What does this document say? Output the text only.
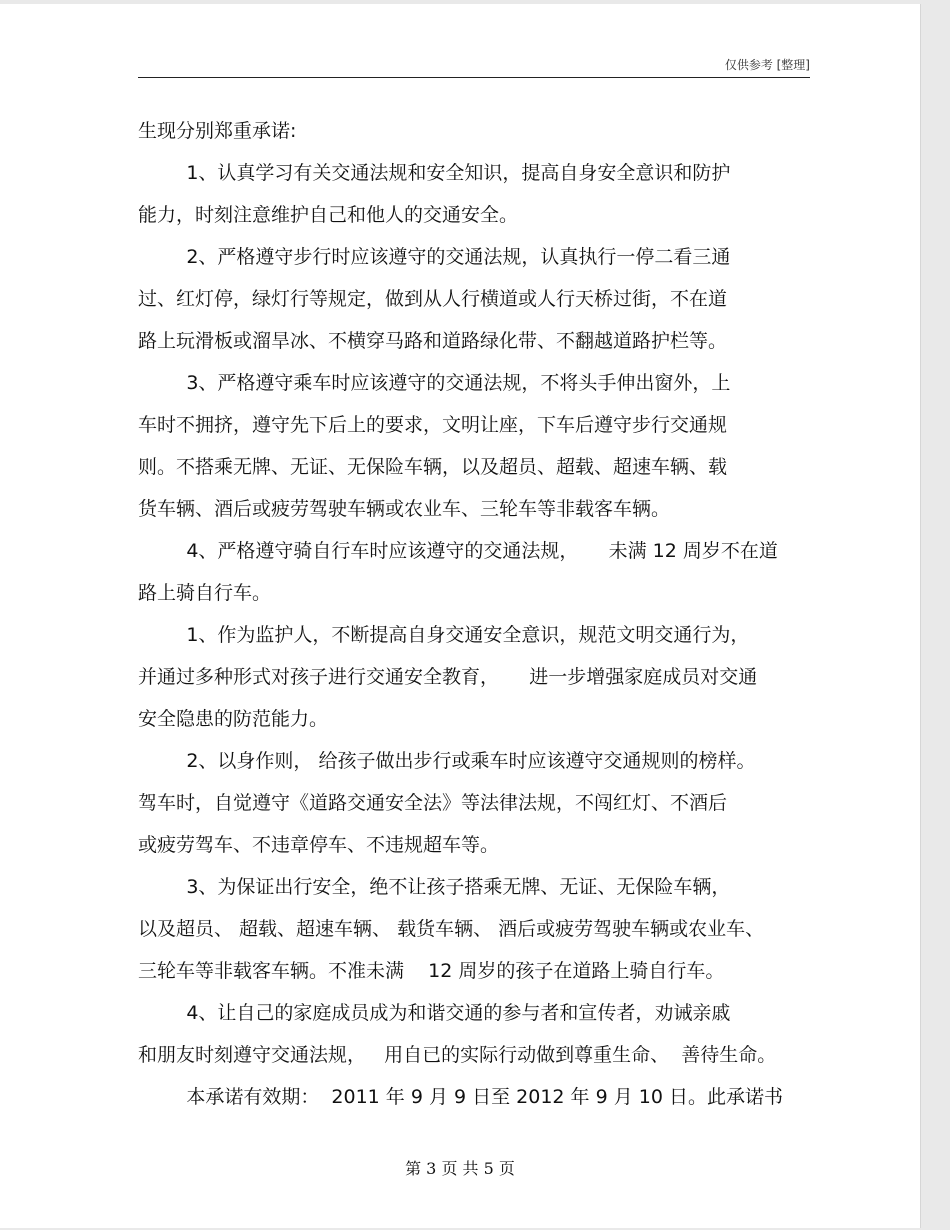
仅供参考 [整理]
生现分别郑重承诺:
1、认真学习有关交通法规和安全知识，提高自身安全意识和防护
能力，时刻注意维护自己和他人的交通安全。
2、严格遵守步行时应该遵守的交通法规，认真执行一停二看三通
过、红灯停，绿灯行等规定，做到从人行横道或人行天桥过街，不在道
路上玩滑板或溜旱冰、不横穿马路和道路绿化带、不翻越道路护栏等。
3、严格遵守乘车时应该遵守的交通法规，不将头手伸出窗外，上
车时不拥挤，遵守先下后上的要求，文明让座，下车后遵守步行交通规
则。不搭乘无牌、无证、无保险车辆，以及超员、超载、超速车辆、载
货车辆、酒后或疲劳驾驶车辆或农业车、三轮车等非载客车辆。
4、严格遵守骑自行车时应该遵守的交通法规，     未满 12 周岁不在道
路上骑自行车。
1、作为监护人，不断提高自身交通安全意识，规范文明交通行为，
并通过多种形式对孩子进行交通安全教育，     进一步增强家庭成员对交通
安全隐患的防范能力。
2、以身作则， 给孩子做出步行或乘车时应该遵守交通规则的榜样。
驾车时，自觉遵守《道路交通安全法》等法律法规，不闯红灯、不酒后
或疲劳驾车、不违章停车、不违规超车等。
3、为保证出行安全，绝不让孩子搭乘无牌、无证、无保险车辆，
以及超员、 超载、超速车辆、 载货车辆、 酒后或疲劳驾驶车辆或农业车、
三轮车等非载客车辆。不准未满    12 周岁的孩子在道路上骑自行车。
4、让自己的家庭成员成为和谐交通的参与者和宣传者，劝诫亲戚
和朋友时刻遵守交通法规，   用自已的实际行动做到尊重生命、  善待生命。
本承诺有效期：  2011 年 9 月 9 日至 2012 年 9 月 10 日。此承诺书
第 3 页 共 5 页
